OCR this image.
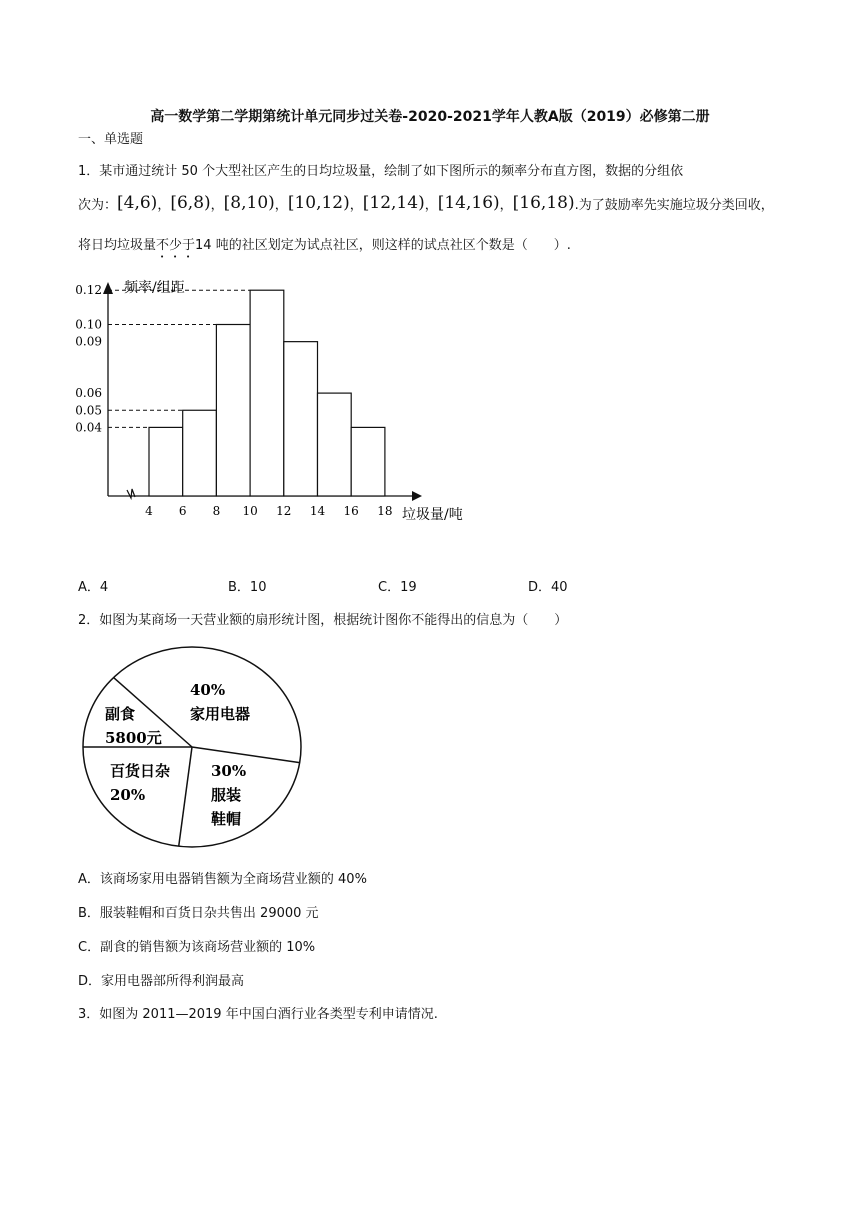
高一数学第二学期第统计单元同步过关卷-2020-2021学年人教A版（2019）必修第二册
一、单选题
1．某市通过统计 50 个大型社区产生的日均垃圾量，绘制了如下图所示的频率分布直方图，数据的分组依
次为： [4,6) ， [6,8) ， [8,10) ， [10,12) ， [12,14) ， [14,16) ， [16,18) .为了鼓励率先实施垃圾分类回收，
将日均垃圾量不少于14 吨的社区划定为试点社区，则这样的试点社区个数是（　　）.
0.04
0.05
0.06
0.09
0.10
0.12
4 6 8 10 12 14 16 18
频率/组距
垃圾量/吨
A．4	B．10	C．19	D．40
2．如图为某商场一天营业额的扇形统计图，根据统计图你不能得出的信息为（　　）
40%
家用电器
30%
服装
鞋帽
百货日杂
20%
副食
5800元
A．该商场家用电器销售额为全商场营业额的 40%
B．服装鞋帽和百货日杂共售出 29000 元
C．副食的销售额为该商场营业额的 10%
D．家用电器部所得利润最高
3．如图为 2011—2019 年中国白酒行业各类型专利申请情况.
